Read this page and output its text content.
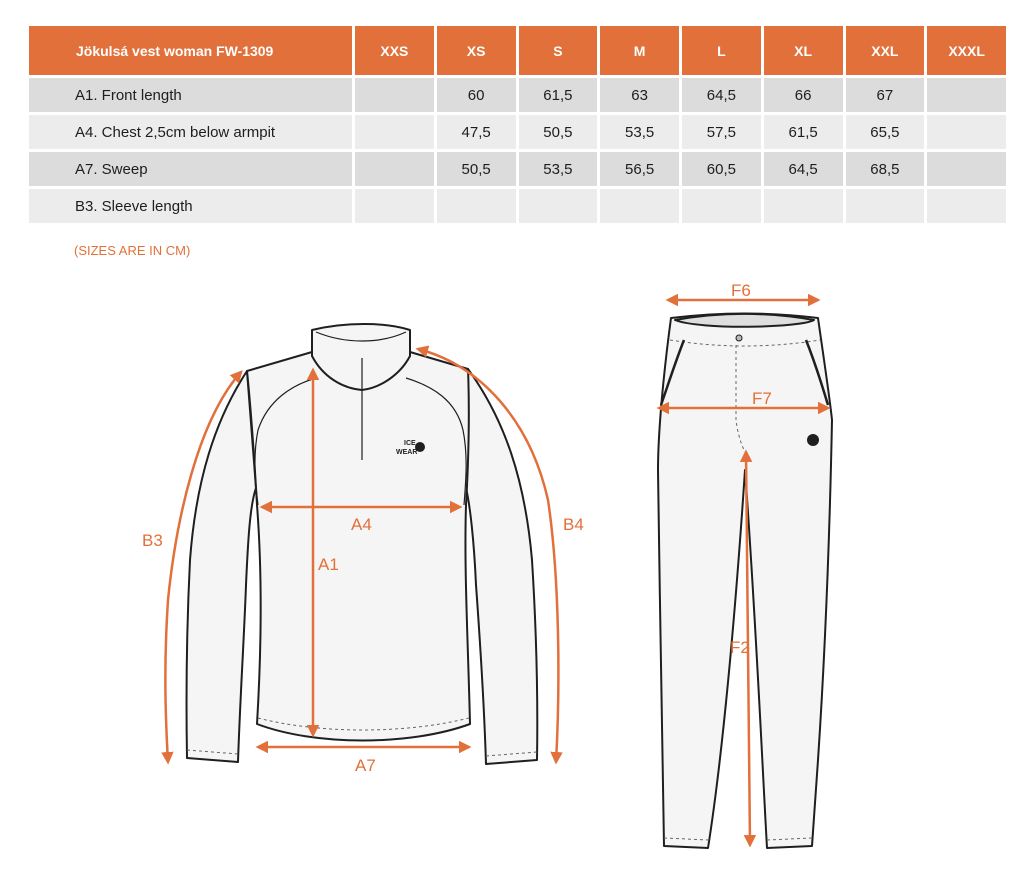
Jökulsá vest woman FW-1309	XXS	XS	S	M	L	XL	XXL	XXXL
A1. Front length		60	61,5	63	64,5	66	67	
A4. Chest 2,5cm below armpit		47,5	50,5	53,5	57,5	61,5	65,5	
A7. Sweep		50,5	53,5	56,5	60,5	64,5	68,5	
B3. Sleeve length								
(SIZES ARE IN CM)
ICE
WEAR
B3
B4
A1
A4
A7
F6
F7
F2
